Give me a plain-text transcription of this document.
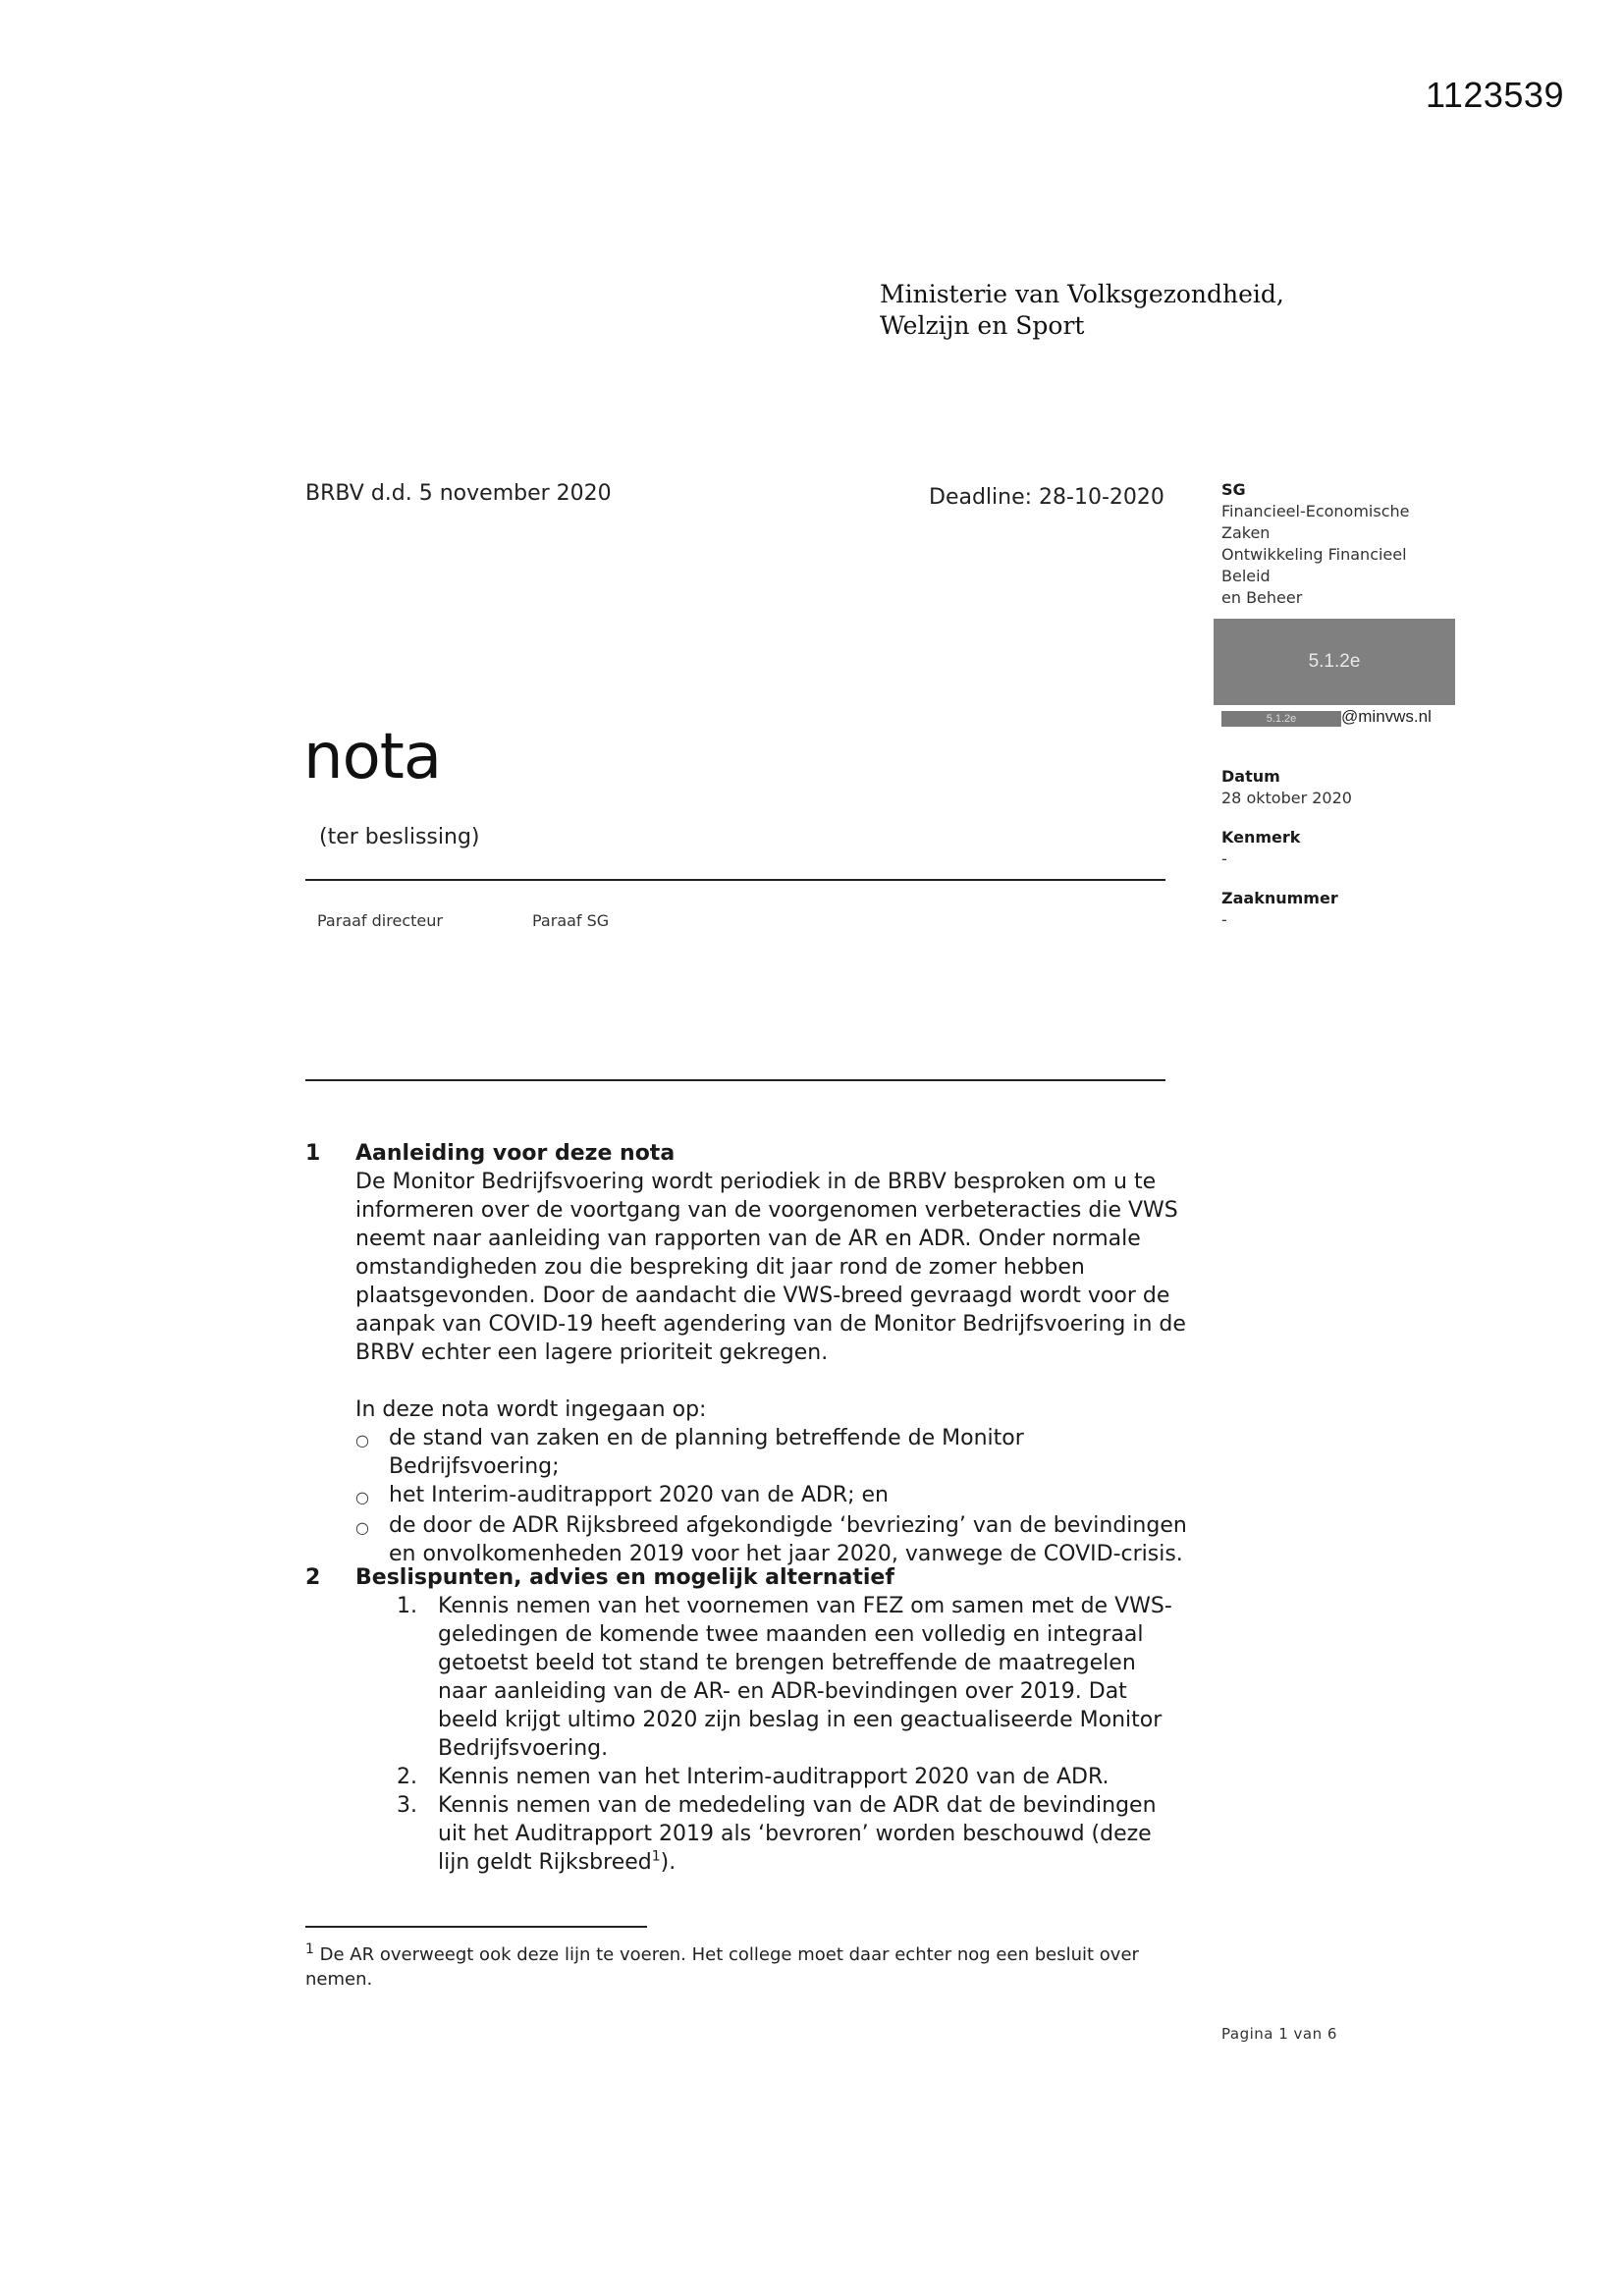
1123539
Ministerie van Volksgezondheid,
Welzijn en Sport
BRBV d.d. 5 november 2020	Deadline: 28-10-2020	SG
Financieel-Economische
Zaken
Ontwikkeling Financieel Beleid
en Beheer
5.1.2e
5.1.2e	@minvws.nl
Datum
28 oktober 2020
Kenmerk
-
Zaaknummer
-
nota
(ter beslissing)
Paraaf directeur	Paraaf SG
1	Aanleiding voor deze nota
De Monitor Bedrijfsvoering wordt periodiek in de BRBV besproken om u te informeren over de voortgang van de voorgenomen verbeteracties die VWS neemt naar aanleiding van rapporten van de AR en ADR. Onder normale omstandigheden zou die bespreking dit jaar rond de zomer hebben plaatsgevonden. Door de aandacht die VWS-breed gevraagd wordt voor de aanpak van COVID-19 heeft agendering van de Monitor Bedrijfsvoering in de BRBV echter een lagere prioriteit gekregen.
In deze nota wordt ingegaan op:
○ de stand van zaken en de planning betreffende de Monitor Bedrijfsvoering;
○ het Interim-auditrapport 2020 van de ADR; en
○ de door de ADR Rijksbreed afgekondigde ‘bevriezing’ van de bevindingen en onvolkomenheden 2019 voor het jaar 2020, vanwege de COVID-crisis.
2	Beslispunten, advies en mogelijk alternatief
1. Kennis nemen van het voornemen van FEZ om samen met de VWS-geledingen de komende twee maanden een volledig en integraal getoetst beeld tot stand te brengen betreffende de maatregelen naar aanleiding van de AR- en ADR-bevindingen over 2019. Dat beeld krijgt ultimo 2020 zijn beslag in een geactualiseerde Monitor Bedrijfsvoering.
2. Kennis nemen van het Interim-auditrapport 2020 van de ADR.
3. Kennis nemen van de mededeling van de ADR dat de bevindingen uit het Auditrapport 2019 als ‘bevroren’ worden beschouwd (deze lijn geldt Rijksbreed$^1$).
$^1$ De AR overweegt ook deze lijn te voeren. Het college moet daar echter nog een besluit over nemen.
Pagina 1 van 6
